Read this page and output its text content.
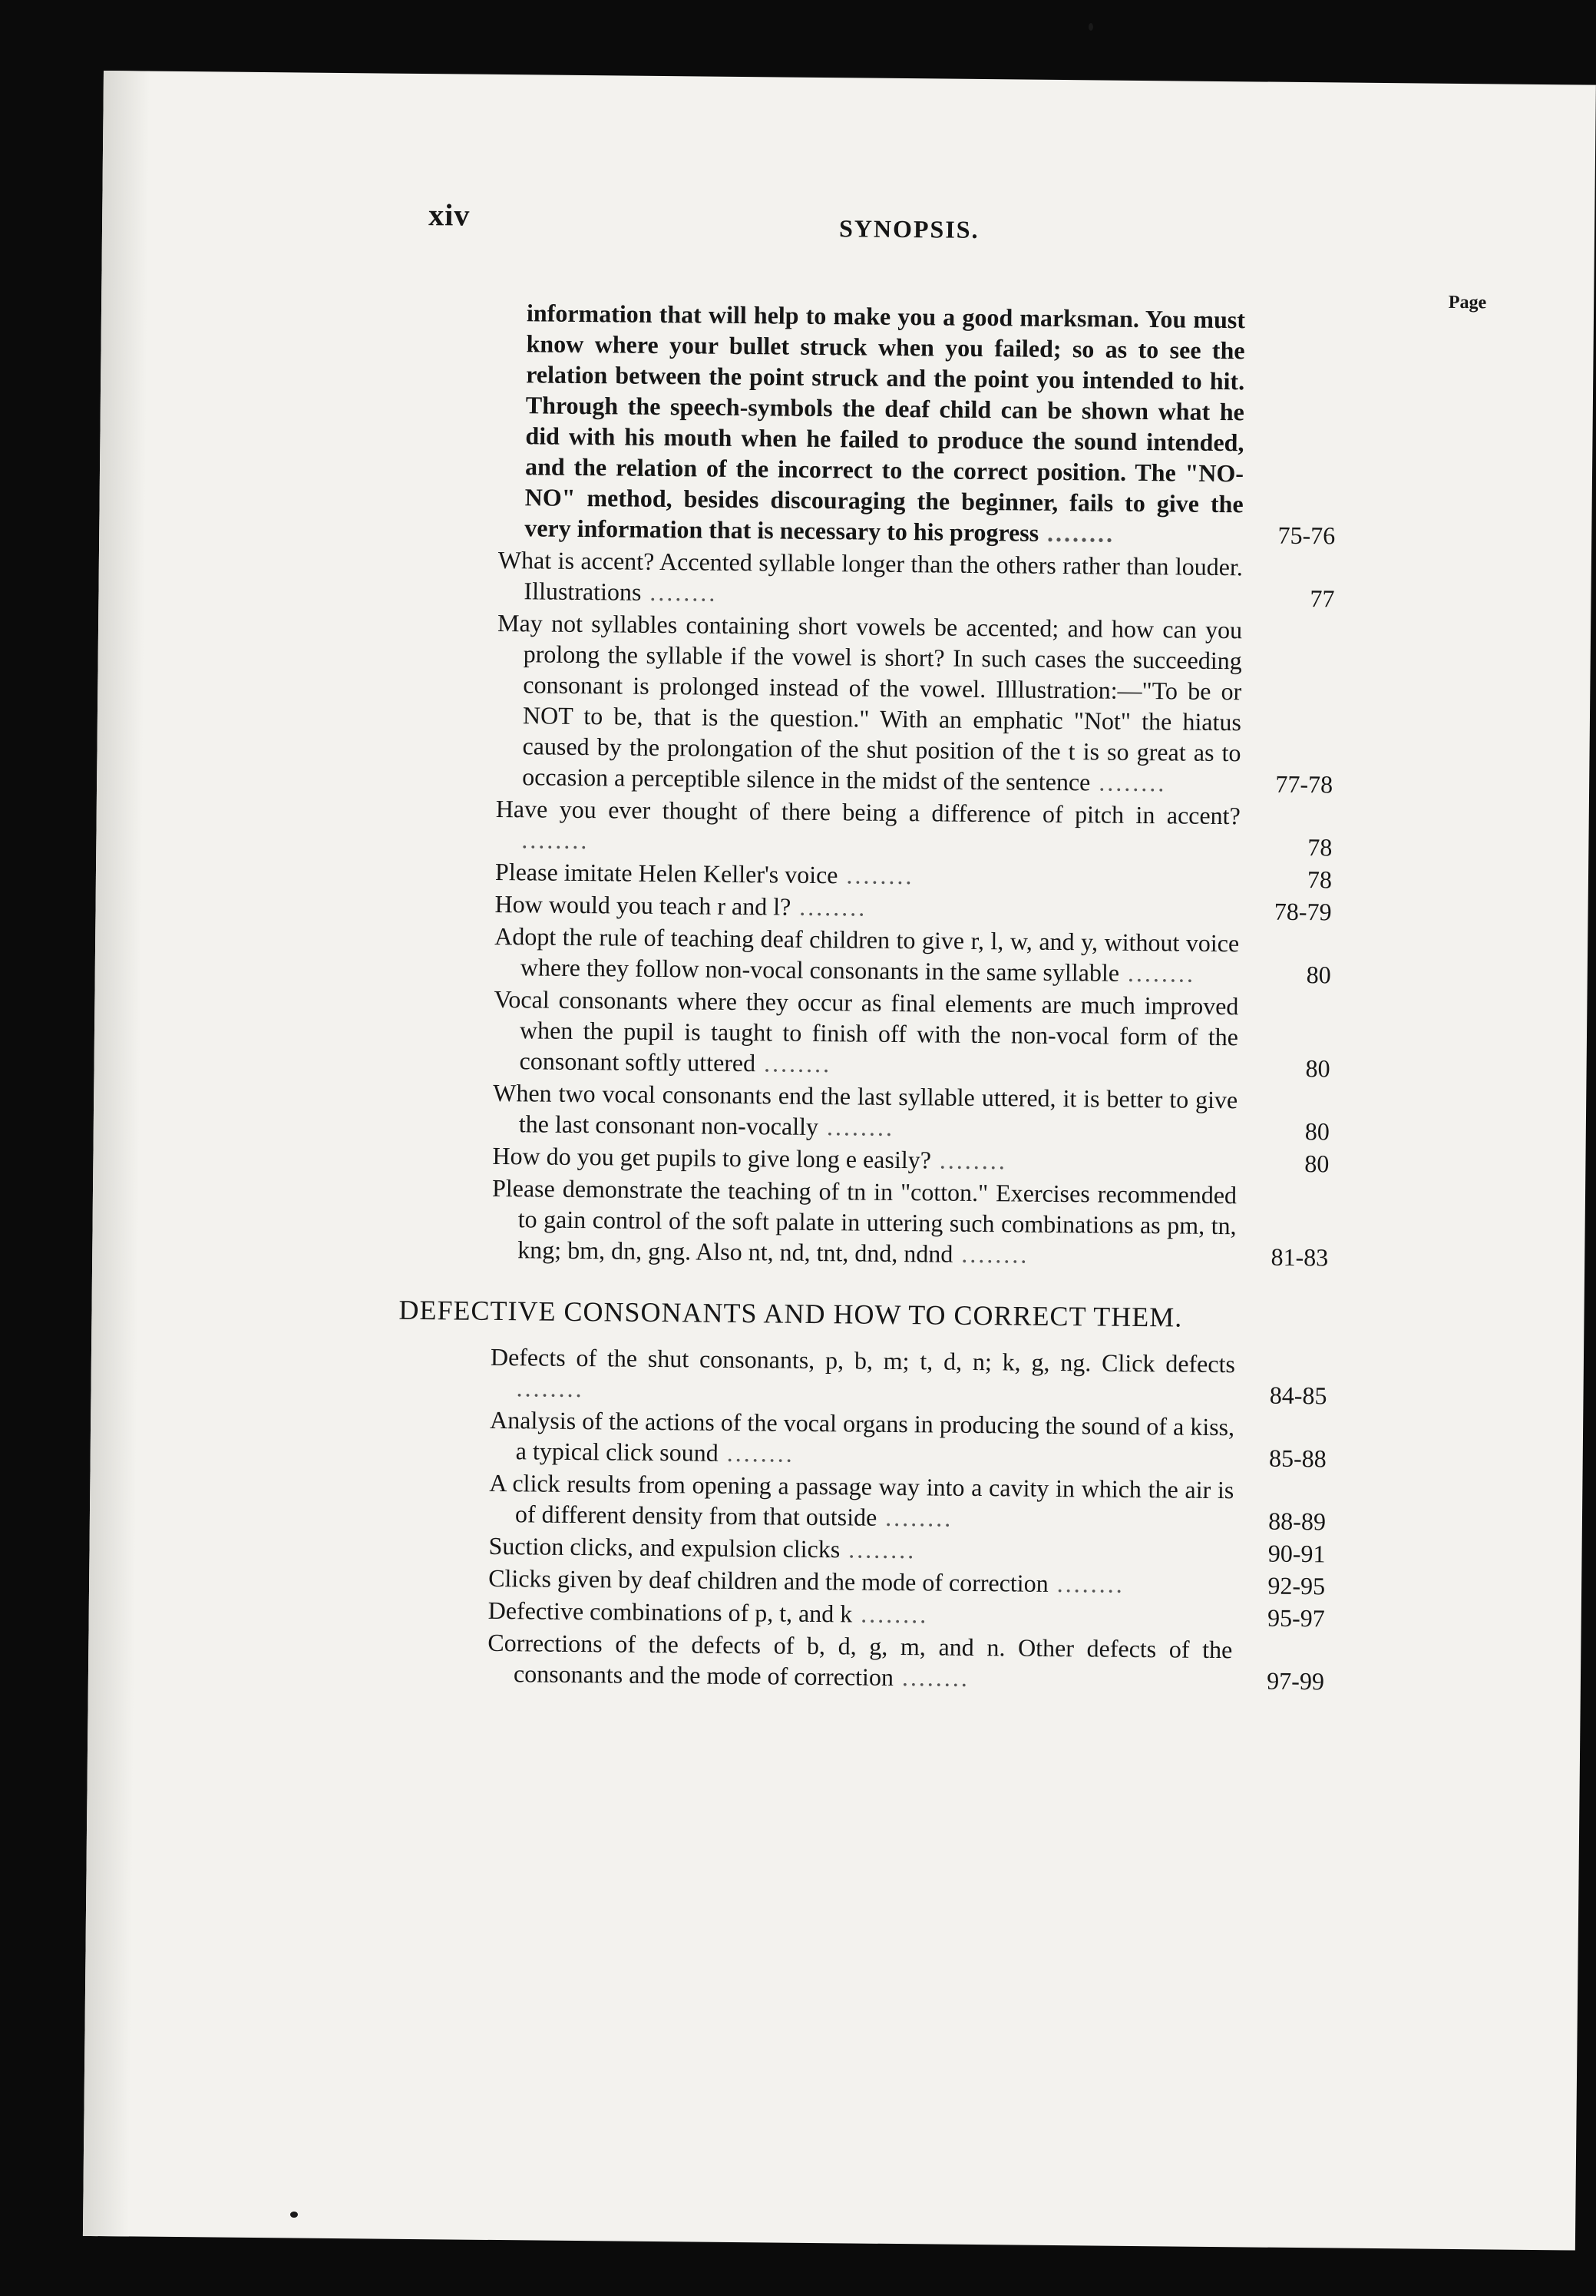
xiv	SYNOPSIS.
Page
information that will help to make you a good marksman. You must know where your bullet struck when you failed; so as to see the relation between the point struck and the point you intended to hit. Through the speech-symbols the deaf child can be shown what he did with his mouth when he failed to produce the sound intended, and the relation of the incorrect to the correct position. The "NO-NO" method, besides discouraging the beginner, fails to give the very information that is necessary to his progress ........	75-76
What is accent? Accented syllable longer than the others rather than louder. Illustrations ........	77
May not syllables containing short vowels be accented; and how can you prolong the syllable if the vowel is short? In such cases the succeeding consonant is prolonged instead of the vowel. Illlustration:—"To be or NOT to be, that is the question." With an emphatic "Not" the hiatus caused by the prolongation of the shut position of the t is so great as to occasion a perceptible silence in the midst of the sentence ........	77-78
Have you ever thought of there being a difference of pitch in accent? ........	78
Please imitate Helen Keller's voice ........	78
How would you teach r and l? ........	78-79
Adopt the rule of teaching deaf children to give r, l, w, and y, without voice where they follow non-vocal consonants in the same syllable ........	80
Vocal consonants where they occur as final elements are much improved when the pupil is taught to finish off with the non-vocal form of the consonant softly uttered ........	80
When two vocal consonants end the last syllable uttered, it is better to give the last consonant non-vocally ........	80
How do you get pupils to give long e easily? ........	80
Please demonstrate the teaching of tn in "cotton." Exercises recommended to gain control of the soft palate in uttering such combinations as pm, tn, kng; bm, dn, gng. Also nt, nd, tnt, dnd, ndnd ........	81-83
DEFECTIVE CONSONANTS AND HOW TO CORRECT THEM.
Defects of the shut consonants, p, b, m; t, d, n; k, g, ng. Click defects ........	84-85
Analysis of the actions of the vocal organs in producing the sound of a kiss, a typical click sound ........	85-88
A click results from opening a passage way into a cavity in which the air is of different density from that outside ........	88-89
Suction clicks, and expulsion clicks ........	90-91
Clicks given by deaf children and the mode of correction ........	92-95
Defective combinations of p, t, and k ........	95-97
Corrections of the defects of b, d, g, m, and n. Other defects of the consonants and the mode of correction ........	97-99
